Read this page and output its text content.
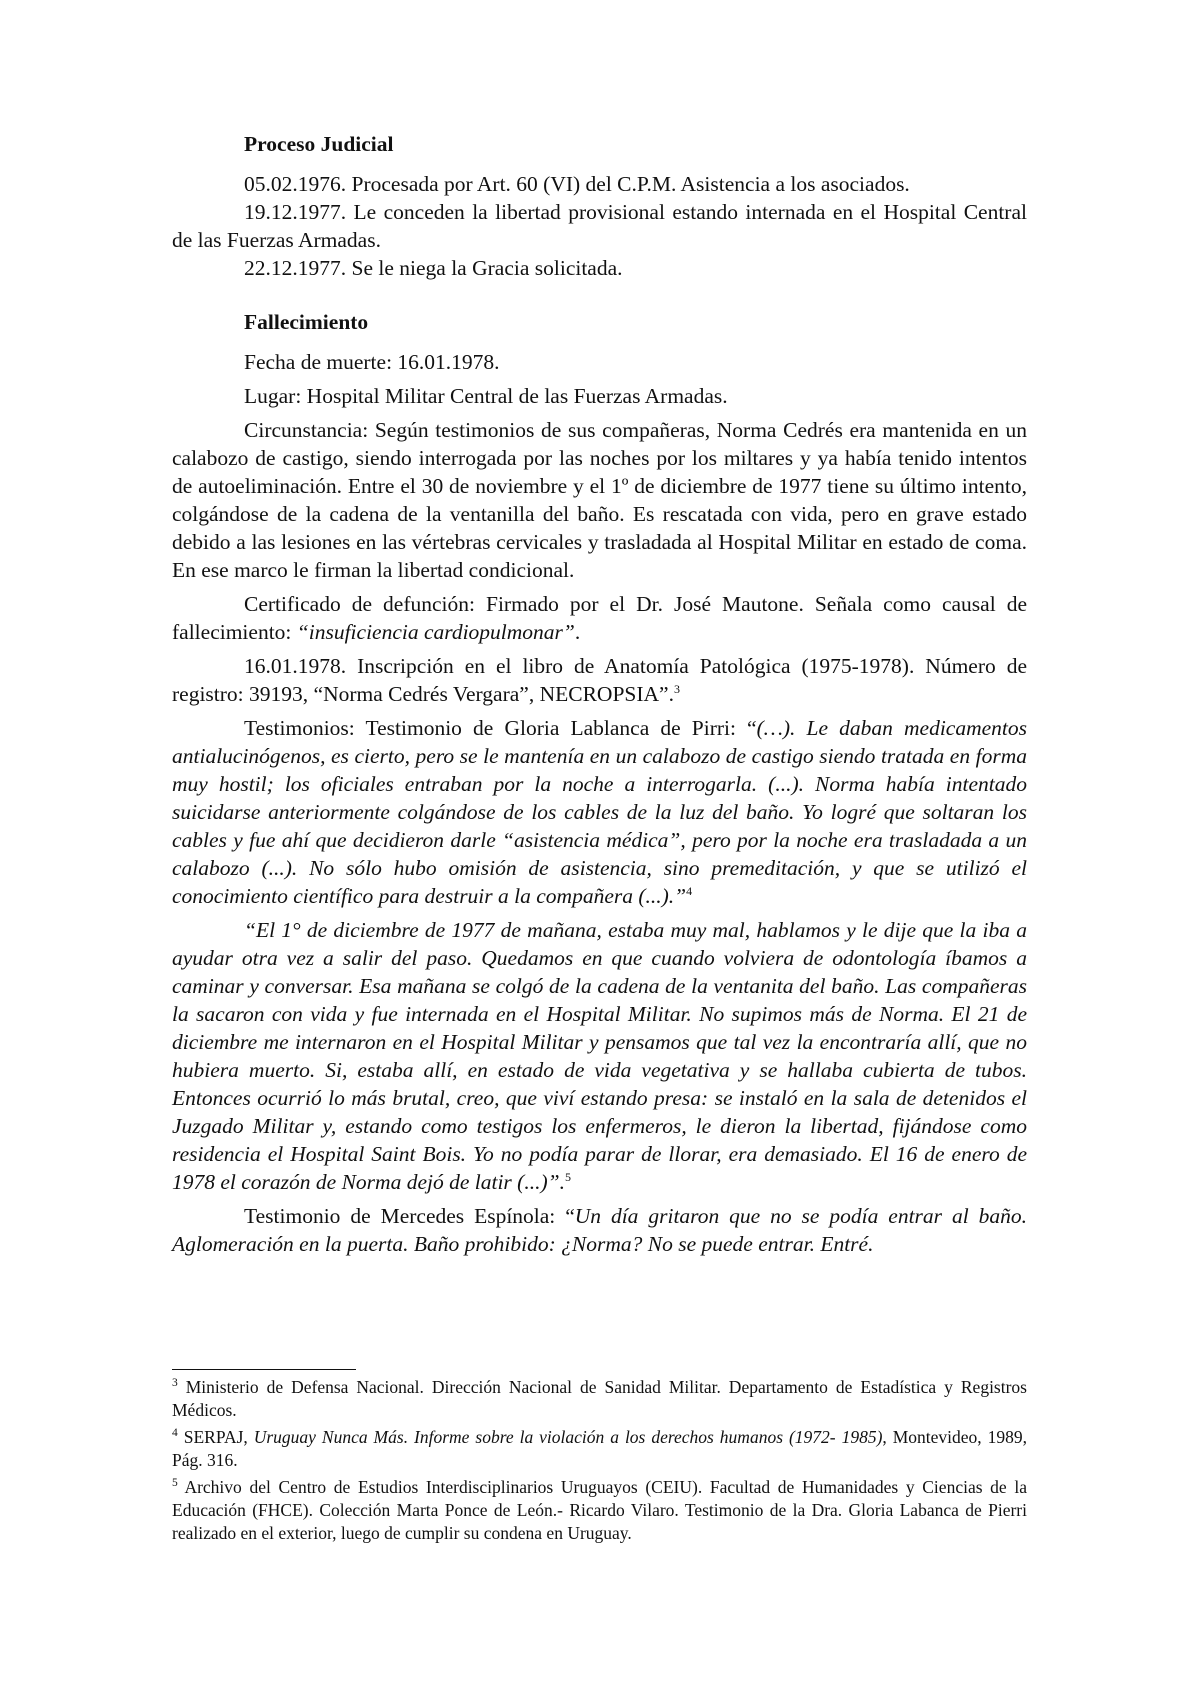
Proceso Judicial

05.02.1976. Procesada por Art. 60 (VI) del C.P.M. Asistencia a los asociados.

19.12.1977. Le conceden la libertad provisional estando internada en el Hospital Central de las Fuerzas Armadas.

22.12.1977. Se le niega la Gracia solicitada.

Fallecimiento

Fecha de muerte: 16.01.1978.

Lugar: Hospital Militar Central de las Fuerzas Armadas.

Circunstancia: Según testimonios de sus compañeras, Norma Cedrés era mantenida en un calabozo de castigo, siendo interrogada por las noches por los miltares y ya había tenido intentos de autoeliminación. Entre el 30 de noviembre y el 1º de diciembre de 1977 tiene su último intento, colgándose de la cadena de la ventanilla del baño. Es rescatada con vida, pero en grave estado debido a las lesiones en las vértebras cervicales y trasladada al Hospital Militar en estado de coma. En ese marco le firman la libertad condicional.

Certificado de defunción: Firmado por el Dr. José Mautone. Señala como causal de fallecimiento: “insuficiencia cardiopulmonar”.

16.01.1978. Inscripción en el libro de Anatomía Patológica (1975-1978). Número de registro: 39193, “Norma Cedrés Vergara”, NECROPSIA”.$^3$

Testimonios: Testimonio de Gloria Lablanca de Pirri: “(…). Le daban medicamentos antialucinógenos, es cierto, pero se le mantenía en un calabozo de castigo siendo tratada en forma muy hostil; los oficiales entraban por la noche a interrogarla. (...). Norma había intentado suicidarse anteriormente colgándose de los cables de la luz del baño. Yo logré que soltaran los cables y fue ahí que decidieron darle “asistencia médica”, pero por la noche era trasladada a un calabozo (...). No sólo hubo omisión de asistencia, sino premeditación, y que se utilizó el conocimiento científico para destruir a la compañera (...).”$^4$

“El 1° de diciembre de 1977 de mañana, estaba muy mal, hablamos y le dije que la iba a ayudar otra vez a salir del paso. Quedamos en que cuando volviera de odontología íbamos a caminar y conversar. Esa mañana se colgó de la cadena de la ventanita del baño. Las compañeras la sacaron con vida y fue internada en el Hospital Militar. No supimos más de Norma. El 21 de diciembre me internaron en el Hospital Militar y pensamos que tal vez la encontraría allí, que no hubiera muerto. Si, estaba allí, en estado de vida vegetativa y se hallaba cubierta de tubos. Entonces ocurrió lo más brutal, creo, que viví estando presa: se instaló en la sala de detenidos el Juzgado Militar y, estando como testigos los enfermeros, le dieron la libertad, fijándose como residencia el Hospital Saint Bois. Yo no podía parar de llorar, era demasiado. El 16 de enero de 1978 el corazón de Norma dejó de latir (...)”.$^5$

Testimonio de Mercedes Espínola: “Un día gritaron que no se podía entrar al baño. Aglomeración en la puerta. Baño prohibido: ¿Norma? No se puede entrar. Entré.

$^3$ Ministerio de Defensa Nacional. Dirección Nacional de Sanidad Militar. Departamento de Estadística y Registros Médicos.

$^4$ SERPAJ, Uruguay Nunca Más. Informe sobre la violación a los derechos humanos (1972- 1985), Montevideo, 1989, Pág. 316.

$^5$ Archivo del Centro de Estudios Interdisciplinarios Uruguayos (CEIU). Facultad de Humanidades y Ciencias de la Educación (FHCE). Colección Marta Ponce de León.- Ricardo Vilaro. Testimonio de la Dra. Gloria Labanca de Pierri realizado en el exterior, luego de cumplir su condena en Uruguay.
